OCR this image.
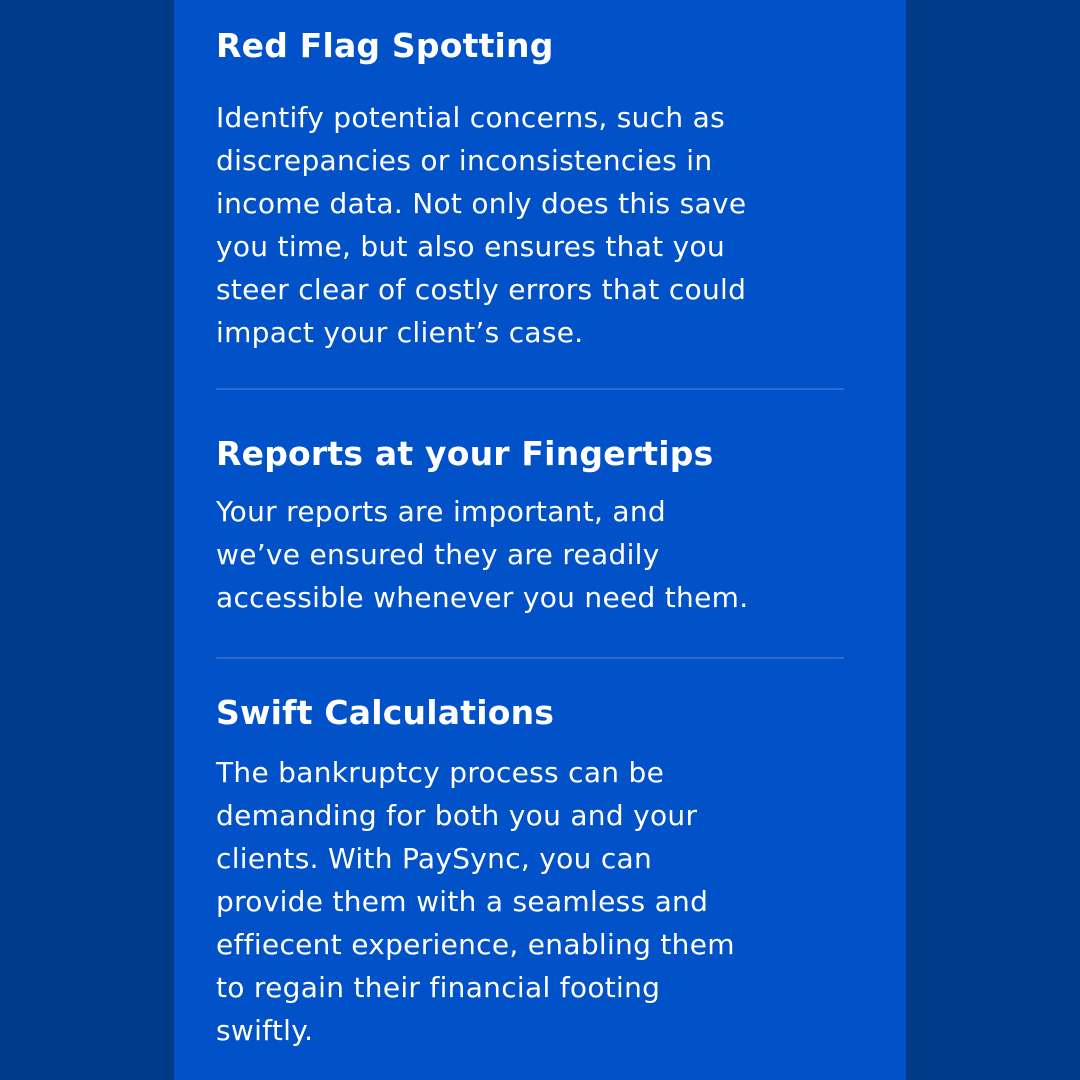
Red Flag Spotting
Identify potential concerns, such as
discrepancies or inconsistencies in
income data. Not only does this save
you time, but also ensures that you
steer clear of costly errors that could
impact your client’s case.
Reports at your Fingertips
Your reports are important, and
we’ve ensured they are readily
accessible whenever you need them.
Swift Calculations
The bankruptcy process can be
demanding for both you and your
clients. With PaySync, you can
provide them with a seamless and
effiecent experience, enabling them
to regain their financial footing
swiftly.
